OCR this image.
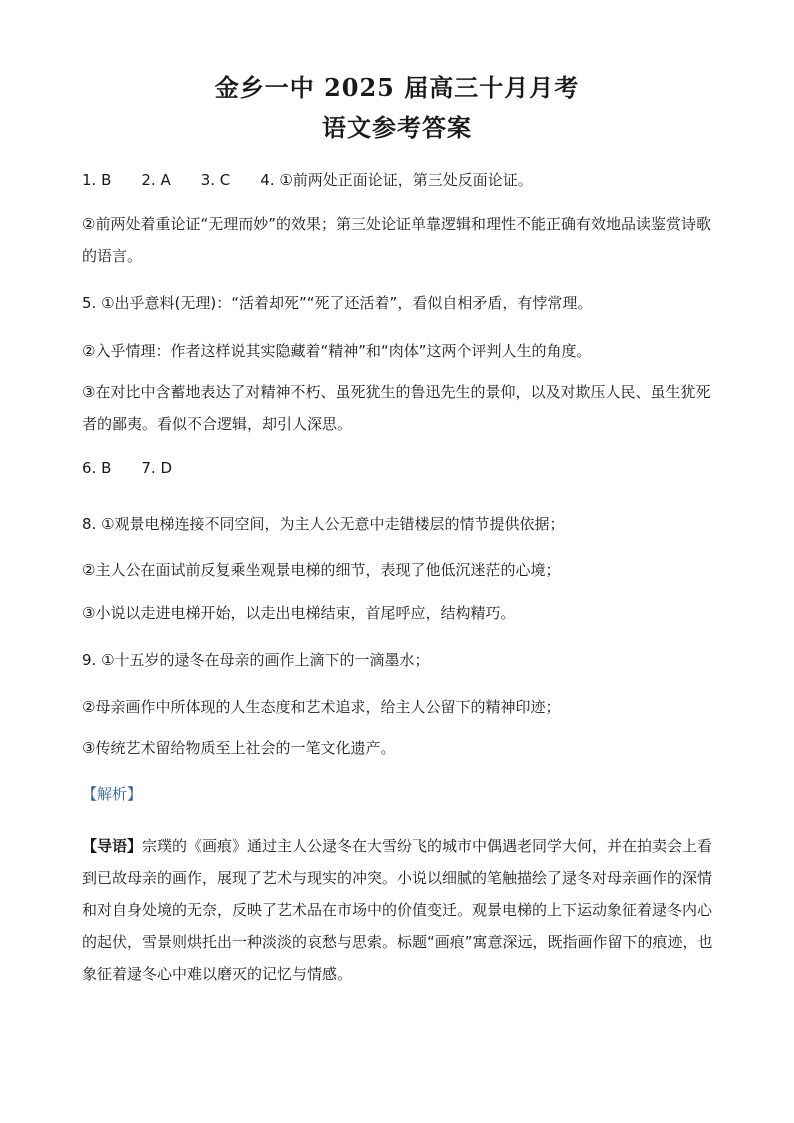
金乡一中 2025 届高三十月月考
语文参考答案
1. B 2. A 3. C 4. ①前两处正面论证，第三处反面论证。
②前两处着重论证“无理而妙”的效果；第三处论证单靠逻辑和理性不能正确有效地品读鉴赏诗歌的语言。
5. ①出乎意料(无理)：“活着却死”“死了还活着”，看似自相矛盾，有悖常理。
②入乎情理：作者这样说其实隐藏着“精神”和“肉体”这两个评判人生的角度。
③在对比中含蓄地表达了对精神不朽、虽死犹生的鲁迅先生的景仰，以及对欺压人民、虽生犹死者的鄙夷。看似不合逻辑，却引人深思。
6. B 7. D
8. ①观景电梯连接不同空间，为主人公无意中走错楼层的情节提供依据；
②主人公在面试前反复乘坐观景电梯的细节，表现了他低沉迷茫的心境；
③小说以走进电梯开始，以走出电梯结束，首尾呼应，结构精巧。
9. ①十五岁的逯冬在母亲的画作上滴下的一滴墨水；
②母亲画作中所体现的人生态度和艺术追求，给主人公留下的精神印迹；
③传统艺术留给物质至上社会的一笔文化遗产。
【解析】
【导语】宗璞的《画痕》通过主人公逯冬在大雪纷飞的城市中偶遇老同学大何，并在拍卖会上看到已故母亲的画作，展现了艺术与现实的冲突。小说以细腻的笔触描绘了逯冬对母亲画作的深情和对自身处境的无奈，反映了艺术品在市场中的价值变迁。观景电梯的上下运动象征着逯冬内心的起伏，雪景则烘托出一种淡淡的哀愁与思索。标题“画痕”寓意深远，既指画作留下的痕迹，也象征着逯冬心中难以磨灭的记忆与情感。
